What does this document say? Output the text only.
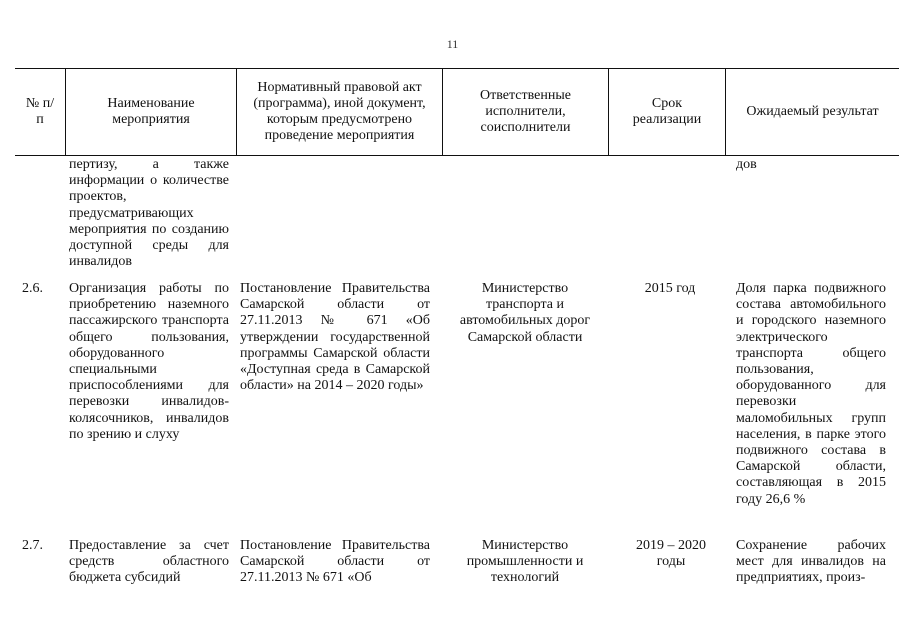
11
№ п/п
Наименование мероприятия
Нормативный правовой акт (программа), иной документ, которым предусмотрено проведение мероприятия
Ответственные исполнители, соисполнители
Срок реализации
Ожидаемый результат
пертизу, а также информации о количестве проектов, предусматривающих мероприятия по созданию доступной среды для инвалидов
дов
2.6. Организация работы по приобретению наземного пассажирского транспорта общего пользования, оборудованного специальными приспособлениями для перевозки инвалидов-колясочников, инвалидов по зрению и слуху
Постановление Правительства Самарской области от 27.11.2013 № 671 «Об утверждении государственной программы Самарской области «Доступная среда в Самарской области» на 2014 – 2020 годы»
Министерство транспорта и автомобильных дорог Самарской области
2015 год	Доля парка подвижного состава автомобильного и городского наземного электрического транспорта общего пользования, оборудованного для перевозки маломобильных групп населения, в парке этого подвижного состава в Самарской области, составляющая в 2015 году 26,6 %
2.7. Предоставление за счет средств областного бюджета субсидий
Постановление Правительства Самарской области от 27.11.2013 № 671 «Об
Министерство промышленности и технологий
2019 – 2020 годы
Сохранение рабочих мест для инвалидов на предприятиях, произ-
